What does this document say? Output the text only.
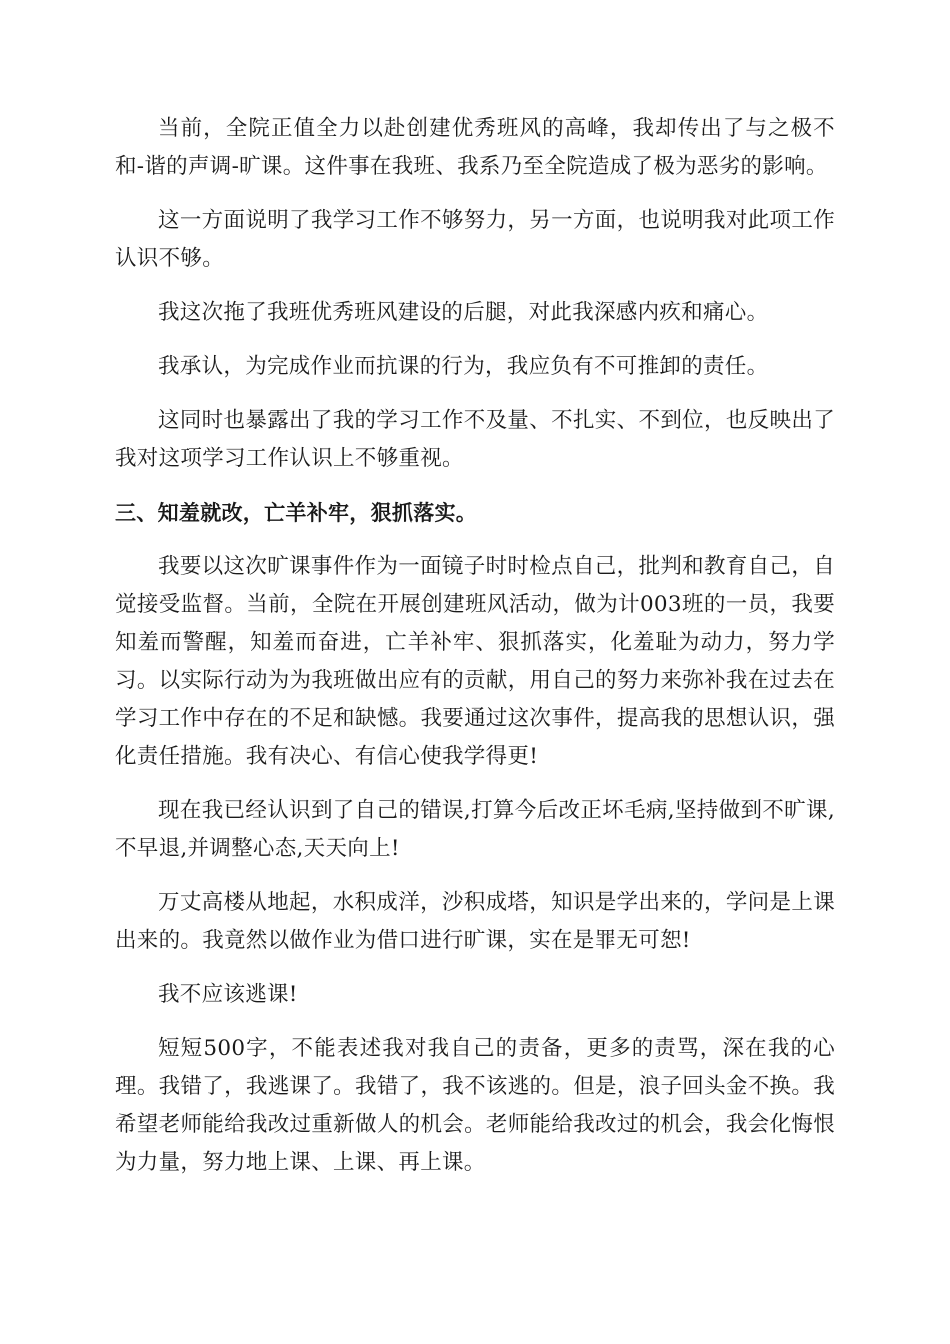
当前，全院正值全力以赴创建优秀班风的高峰，我却传出了与之极不和-谐的声调-旷课。这件事在我班、我系乃至全院造成了极为恶劣的影响。

这一方面说明了我学习工作不够努力，另一方面，也说明我对此项工作认识不够。

我这次拖了我班优秀班风建设的后腿，对此我深感内疚和痛心。

我承认，为完成作业而抗课的行为，我应负有不可推卸的责任。

这同时也暴露出了我的学习工作不及量、不扎实、不到位，也反映出了我对这项学习工作认识上不够重视。

三、知羞就改，亡羊补牢，狠抓落实。

我要以这次旷课事件作为一面镜子时时检点自己，批判和教育自己，自觉接受监督。当前，全院在开展创建班风活动，做为计003班的一员，我要知羞而警醒，知羞而奋进，亡羊补牢、狠抓落实，化羞耻为动力，努力学习。以实际行动为为我班做出应有的贡献，用自己的努力来弥补我在过去在学习工作中存在的不足和缺憾。我要通过这次事件，提高我的思想认识，强化责任措施。我有决心、有信心使我学得更!

现在我已经认识到了自己的错误,打算今后改正坏毛病,坚持做到不旷课,不早退,并调整心态,天天向上!

万丈高楼从地起，水积成洋，沙积成塔，知识是学出来的，学问是上课出来的。我竟然以做作业为借口进行旷课，实在是罪无可恕!

我不应该逃课!

短短500字，不能表述我对我自己的责备，更多的责骂，深在我的心理。我错了，我逃课了。我错了，我不该逃的。但是，浪子回头金不换。我希望老师能给我改过重新做人的机会。老师能给我改过的机会，我会化悔恨为力量，努力地上课、上课、再上课。
